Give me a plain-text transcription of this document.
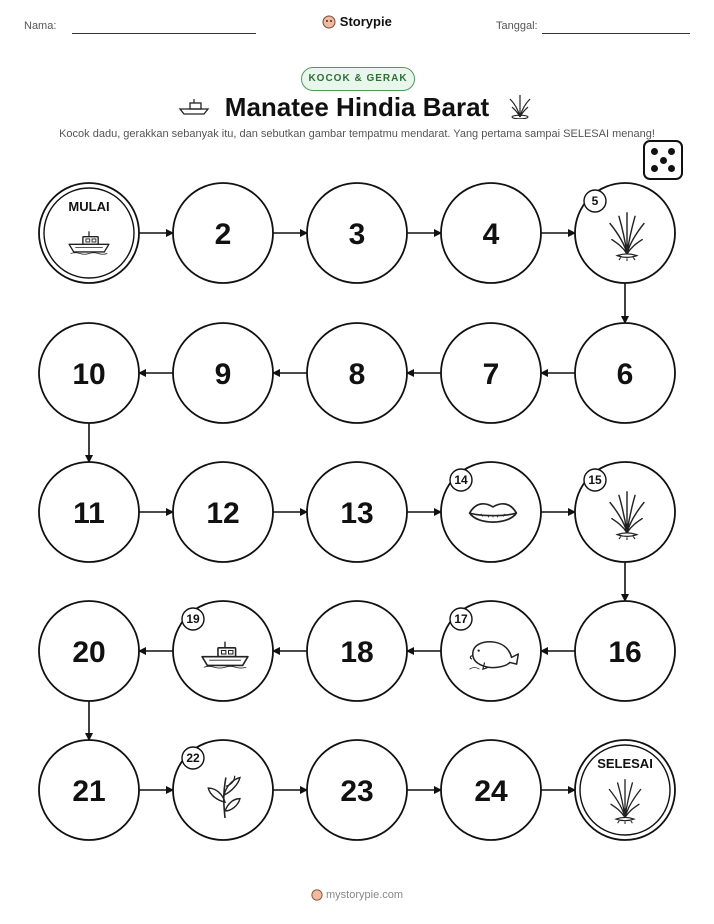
Nama:	Storypie	Tanggal:
KOCOK & GERAK
Manatee Hindia Barat
Kocok dadu, gerakkan sebanyak itu, dan sebutkan gambar tempatmu mendarat. Yang pertama sampai SELESAI menang!
MULAI
2	3	4
5
6
7
8
9
10
11	12	13
14	15
16
17
18
19
20
21
22
23	24
SELESAI
mystorypie.com
